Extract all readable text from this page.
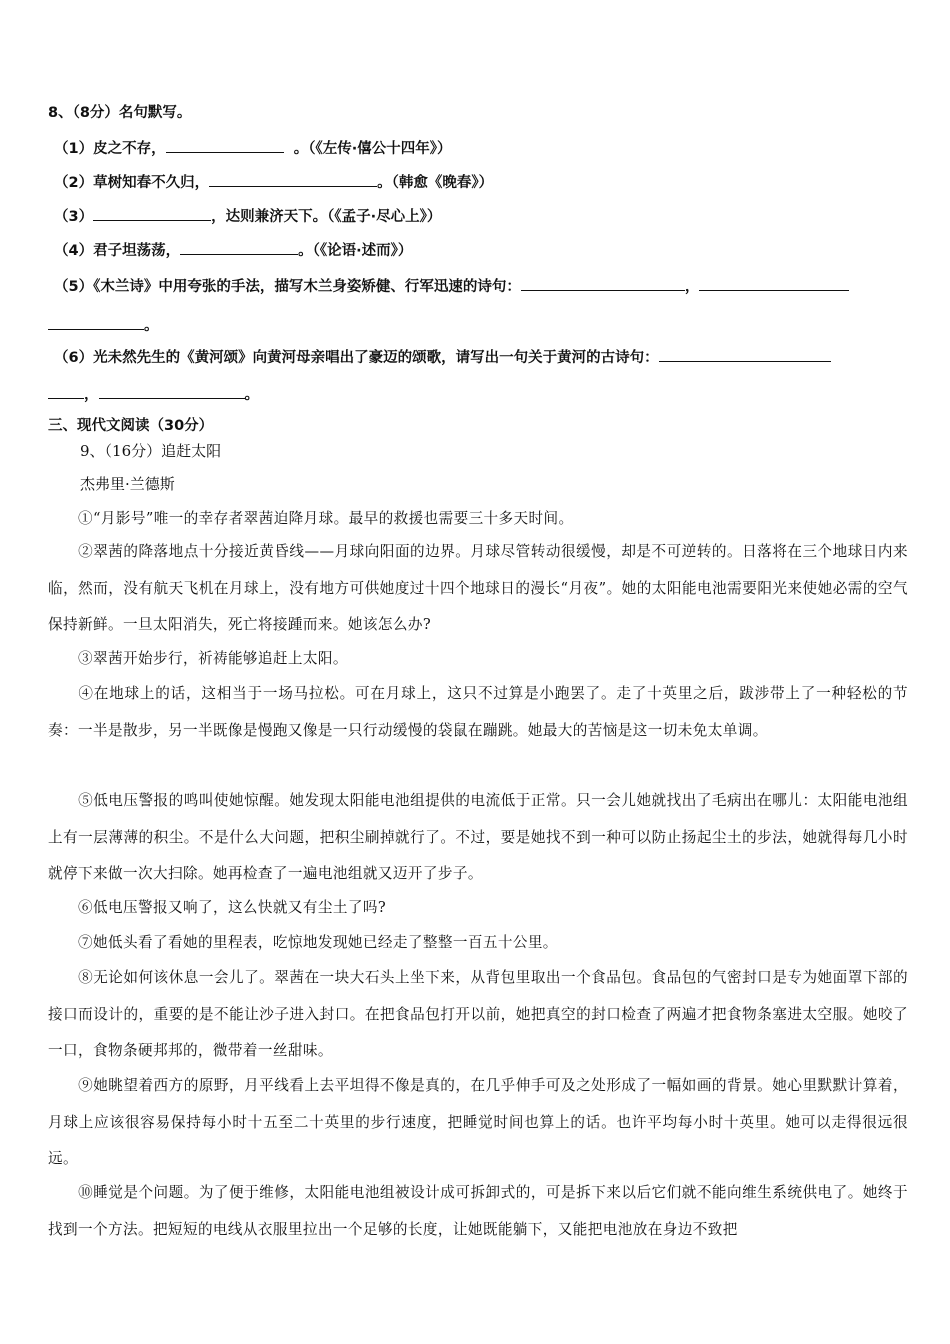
8、（8分）名句默写。
（1）皮之不存，	。（《左传·僖公十四年》）
（2）草树知春不久归，	。（韩愈《晚春》）
（3）	，达则兼济天下。（《孟子·尽心上》）
（4）君子坦荡荡，	。（《论语·述而》）
（5）《木兰诗》中用夸张的手法，描写木兰身姿矫健、行军迅速的诗句：	，
。
（6）光未然先生的《黄河颂》向黄河母亲唱出了豪迈的颂歌，请写出一句关于黄河的古诗句：
，	。
三、现代文阅读（30分）
9、（16分）追赶太阳
杰弗里·兰德斯
①“月影号”唯一的幸存者翠茜迫降月球。最早的救援也需要三十多天时间。
②翠茜的降落地点十分接近黄昏线——月球向阳面的边界。月球尽管转动很缓慢，却是不可逆转的。日落将在三个地球日内来临，然而，没有航天飞机在月球上，没有地方可供她度过十四个地球日的漫长“月夜”。她的太阳能电池需要阳光来使她必需的空气保持新鲜。一旦太阳消失，死亡将接踵而来。她该怎么办?
③翠茜开始步行，祈祷能够追赶上太阳。
④在地球上的话，这相当于一场马拉松。可在月球上，这只不过算是小跑罢了。走了十英里之后，跋涉带上了一种轻松的节奏：一半是散步，另一半既像是慢跑又像是一只行动缓慢的袋鼠在蹦跳。她最大的苦恼是这一切未免太单调。
⑤低电压警报的鸣叫使她惊醒。她发现太阳能电池组提供的电流低于正常。只一会儿她就找出了毛病出在哪儿：太阳能电池组上有一层薄薄的积尘。不是什么大问题，把积尘刷掉就行了。不过，要是她找不到一种可以防止扬起尘土的步法，她就得每几小时就停下来做一次大扫除。她再检查了一遍电池组就又迈开了步子。
⑥低电压警报又响了，这么快就又有尘土了吗?
⑦她低头看了看她的里程表，吃惊地发现她已经走了整整一百五十公里。
⑧无论如何该休息一会儿了。翠茜在一块大石头上坐下来，从背包里取出一个食品包。食品包的气密封口是专为她面罩下部的接口而设计的，重要的是不能让沙子进入封口。在把食品包打开以前，她把真空的封口检查了两遍才把食物条塞进太空服。她咬了一口，食物条硬邦邦的，微带着一丝甜味。
⑨她眺望着西方的原野，月平线看上去平坦得不像是真的，在几乎伸手可及之处形成了一幅如画的背景。她心里默默计算着，月球上应该很容易保持每小时十五至二十英里的步行速度，把睡觉时间也算上的话。也许平均每小时十英里。她可以走得很远很远。
⑩睡觉是个问题。为了便于维修，太阳能电池组被设计成可拆卸式的，可是拆下来以后它们就不能向维生系统供电了。她终于找到一个方法。把短短的电线从衣服里拉出一个足够的长度，让她既能躺下，又能把电池放在身边不致把
